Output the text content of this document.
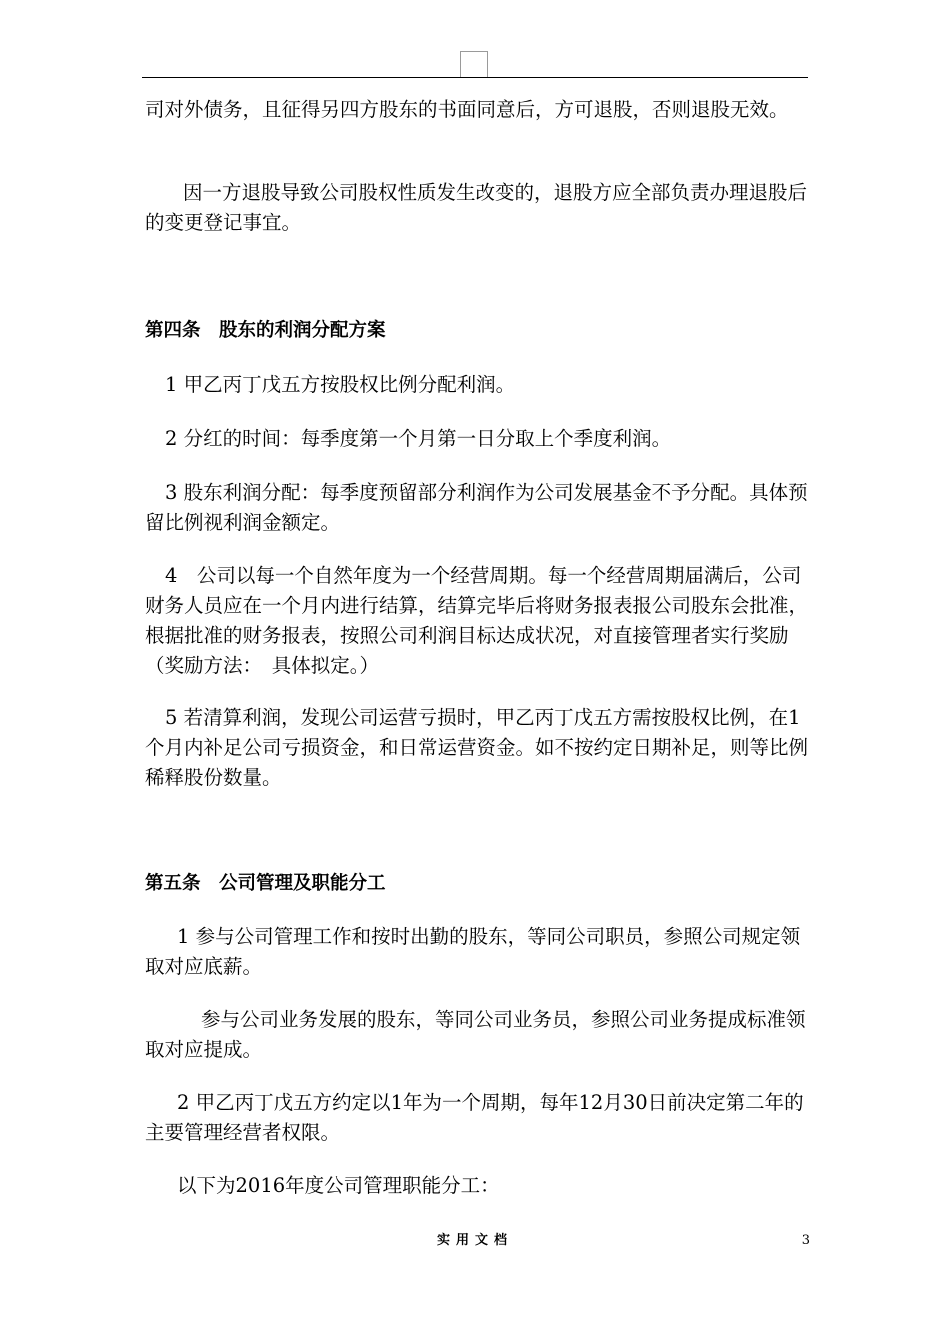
司对外债务，且征得另四方股东的书面同意后，方可退股，否则退股无效。

因一方退股导致公司股权性质发生改变的，退股方应全部负责办理退股后的变更登记事宜。

第四条　股东的利润分配方案

1 甲乙丙丁戊五方按股权比例分配利润。

2 分红的时间：每季度第一个月第一日分取上个季度利润。

3 股东利润分配：每季度预留部分利润作为公司发展基金不予分配。具体预留比例视利润金额定。

4　公司以每一个自然年度为一个经营周期。每一个经营周期届满后，公司财务人员应在一个月内进行结算，结算完毕后将财务报表报公司股东会批准，根据批准的财务报表，按照公司利润目标达成状况，对直接管理者实行奖励（奖励方法：　具体拟定。）

5 若清算利润，发现公司运营亏损时，甲乙丙丁戊五方需按股权比例，在1个月内补足公司亏损资金，和日常运营资金。如不按约定日期补足，则等比例稀释股份数量。

第五条　公司管理及职能分工

1 参与公司管理工作和按时出勤的股东，等同公司职员，参照公司规定领取对应底薪。

参与公司业务发展的股东，等同公司业务员，参照公司业务提成标准领取对应提成。

2 甲乙丙丁戊五方约定以1年为一个周期，每年12月30日前决定第二年的主要管理经营者权限。

以下为2016年度公司管理职能分工：

实用文档	3
